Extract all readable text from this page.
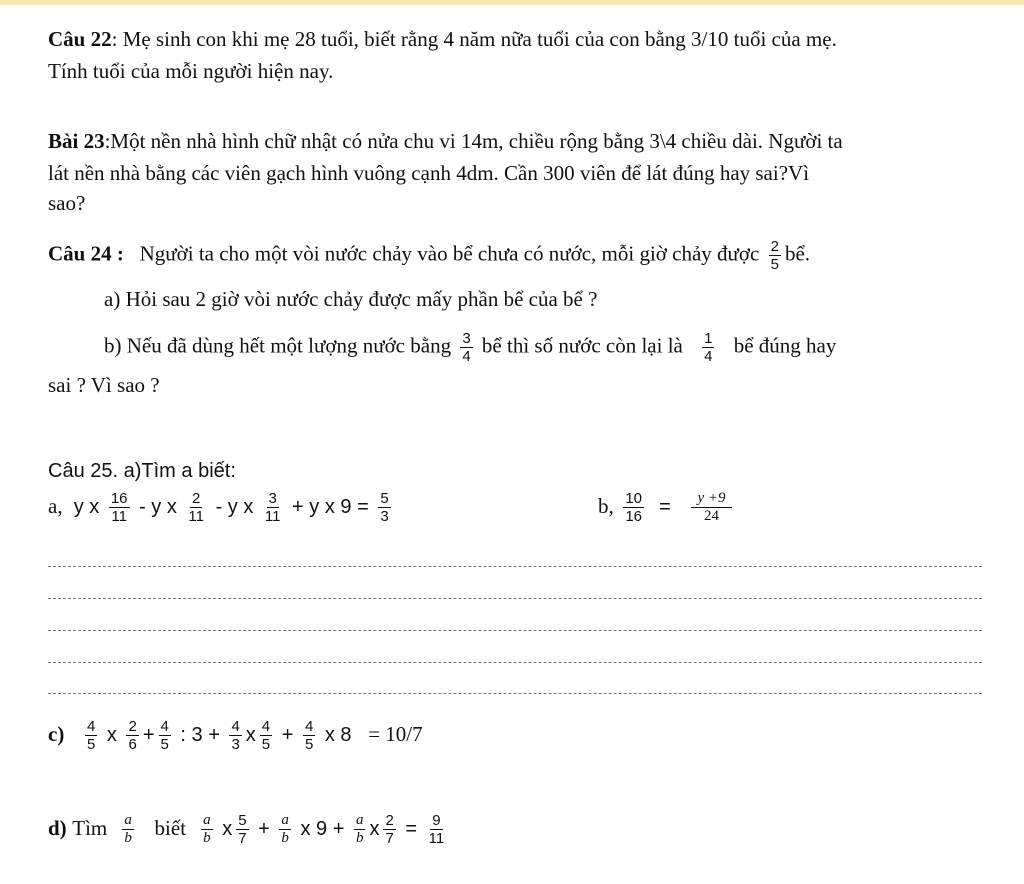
Câu 22: Mẹ sinh con khi mẹ 28 tuổi, biết rằng 4 năm nữa tuổi của con bằng 3/10 tuổi của mẹ.
Tính tuổi của mỗi người hiện nay.
Bài 23:Một nền nhà hình chữ nhật có nửa chu vi 14m, chiều rộng bằng 3\4 chiều dài. Người ta
lát nền nhà bằng các viên gạch hình vuông cạnh 4dm. Cần 300 viên để lát đúng hay sai?Vì
sao?
Câu 24 : Người ta cho một vòi nước chảy vào bể chưa có nước, mỗi giờ chảy được $\frac{2}{5}$ bể.
a) Hỏi sau 2 giờ vòi nước chảy được mấy phần bể của bể ?
b) Nếu đã dùng hết một lượng nước bằng $\frac{3}{4}$ bể thì số nước còn lại là $\frac{1}{4}$ bể đúng hay
sai ? Vì sao ?
Câu 25. a)Tìm a biết:
a, y x $\frac{16}{11}$ - y x $\frac{2}{11}$ - y x $\frac{3}{11} + y$ x $9 = \frac{5}{3}$	b, $\frac{10}{16} = \frac{y +9}{24}$
$c) \frac{4}{5}$ x $\frac{2}{6} + \frac{4}{5}$ : $3 + \frac{4}{3}$ x $\frac{4}{5} + \frac{4}{5}$ x 8 = 10/7
d) Tìm $\frac{a}{b}$ biết $\frac{a}{b}$ x $\frac{5}{7} + \frac{a}{b}$ x $9 + \frac{a}{b}$ x $\frac{2}{7} = \frac{9}{11}$
